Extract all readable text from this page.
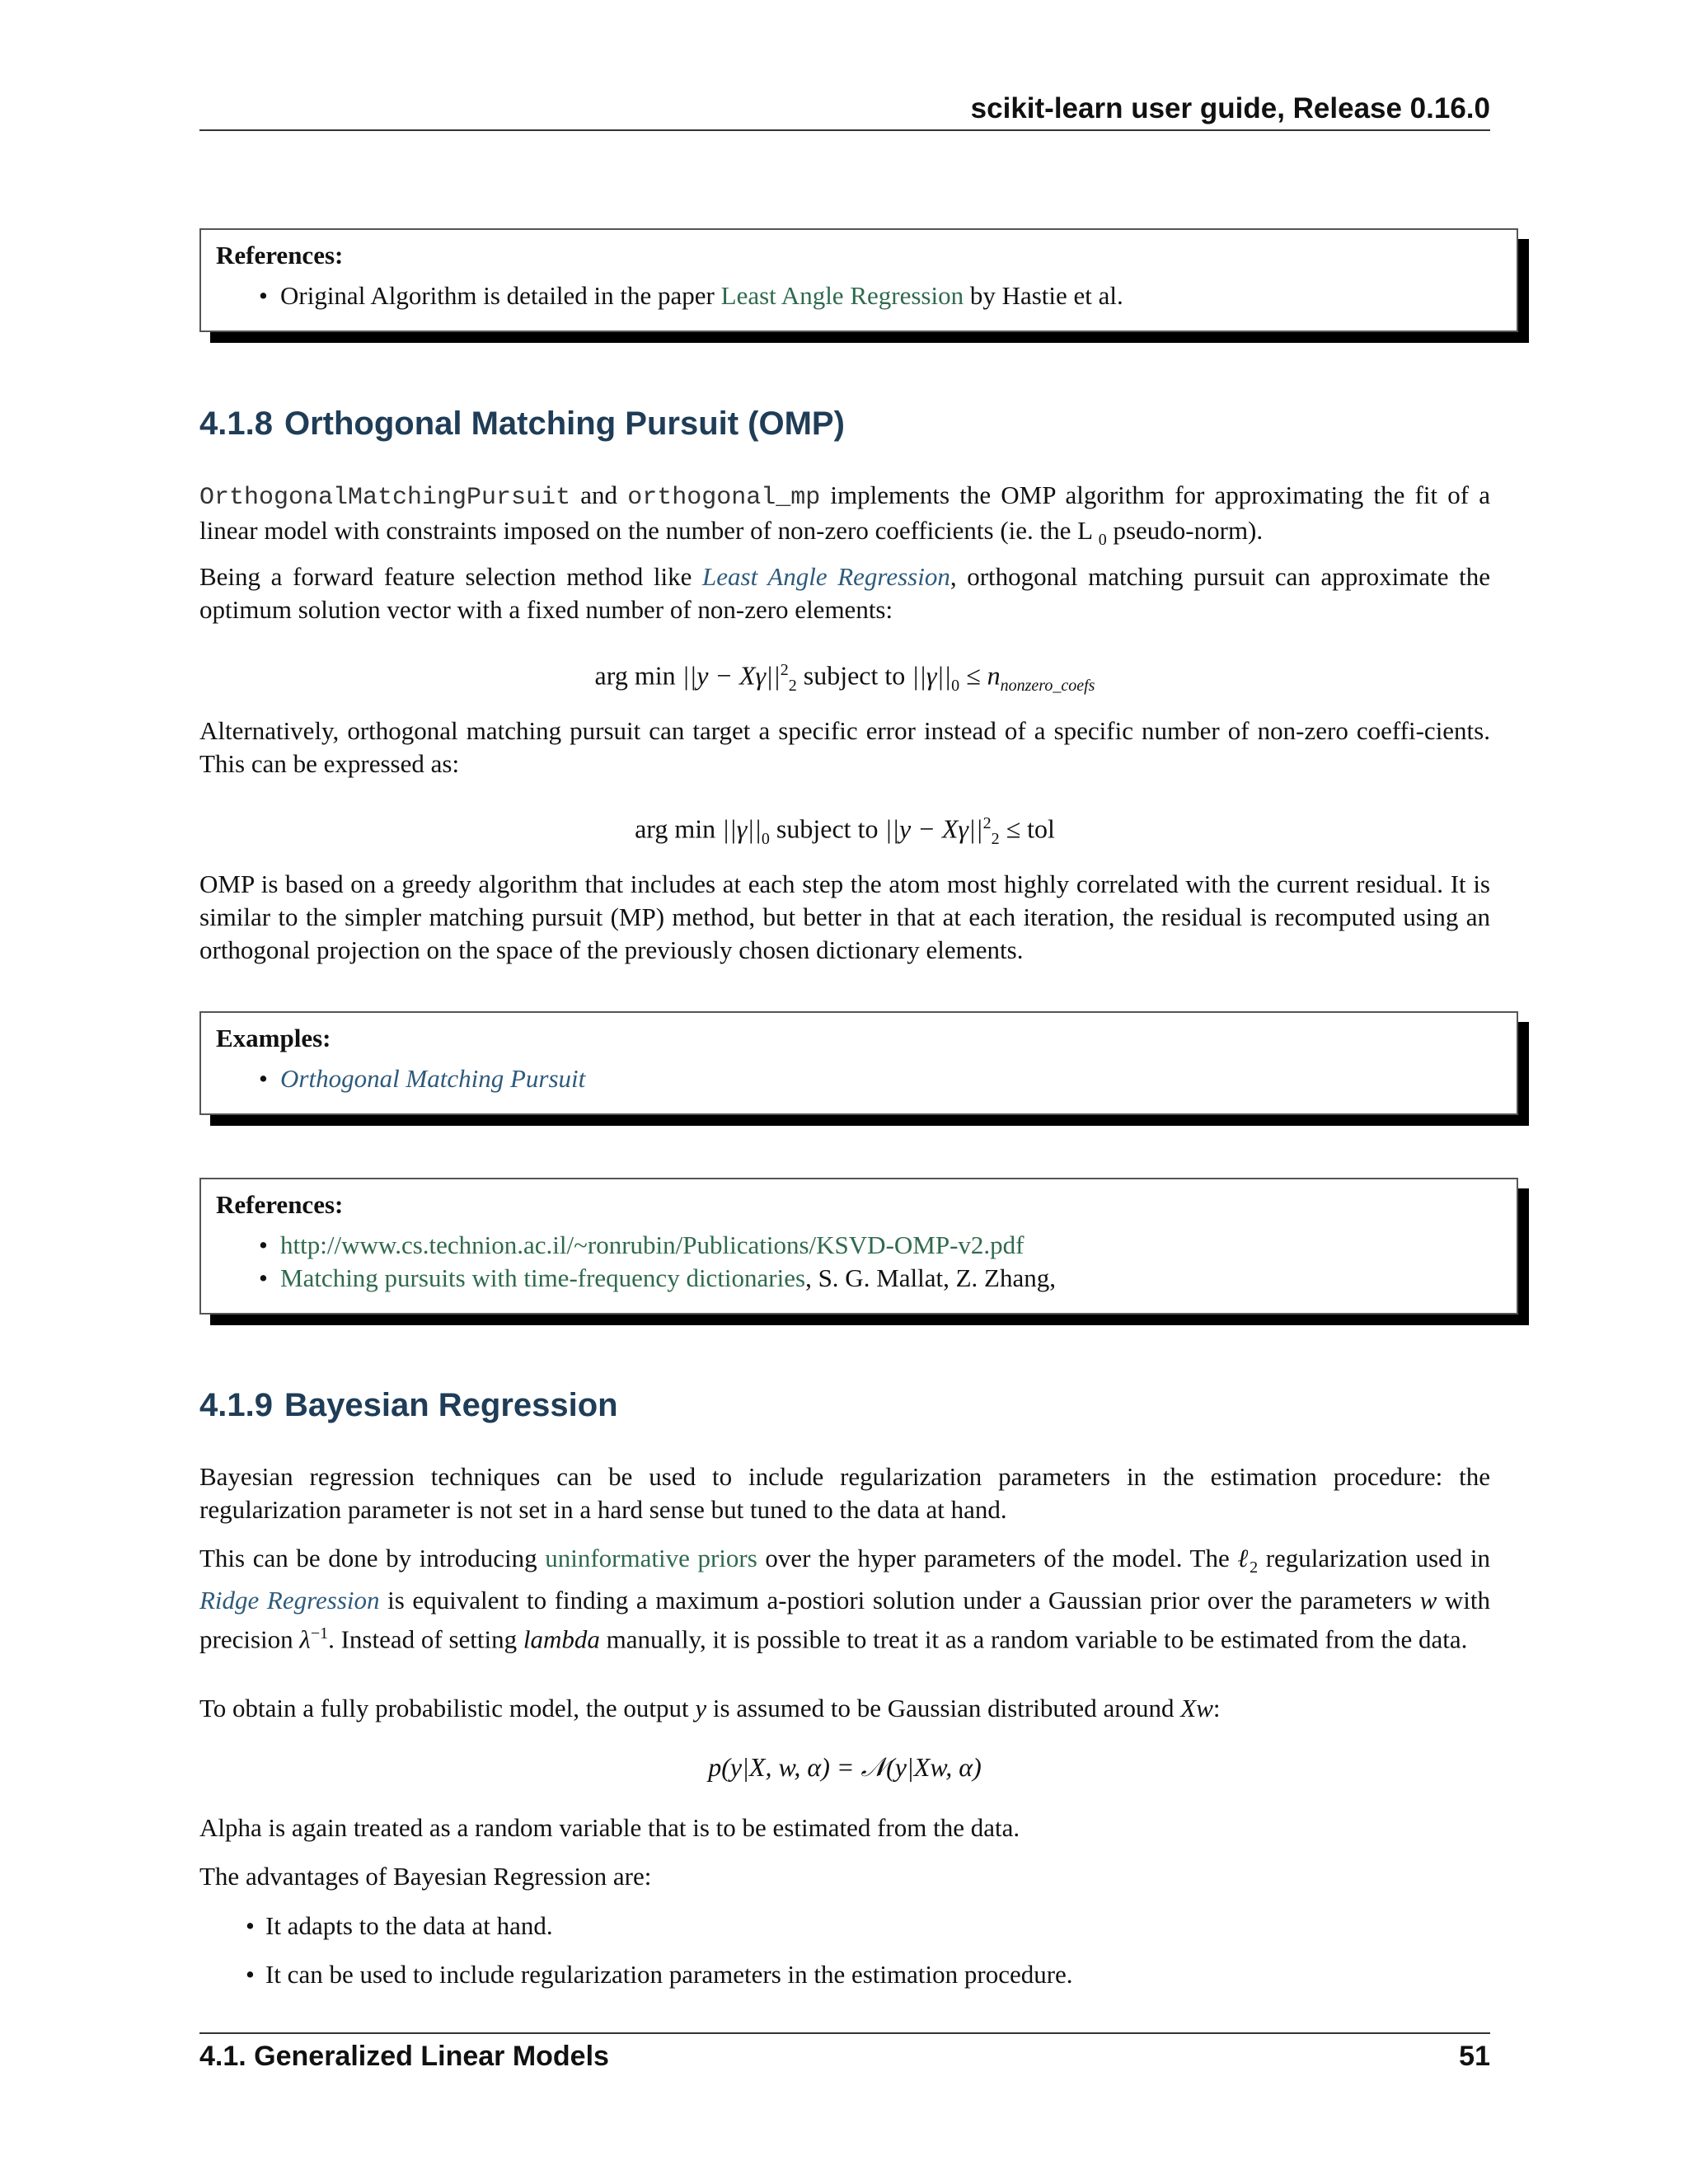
scikit-learn user guide, Release 0.16.0
References:
• Original Algorithm is detailed in the paper Least Angle Regression by Hastie et al.
4.1.8 Orthogonal Matching Pursuit (OMP)
OrthogonalMatchingPursuit and orthogonal_mp implements the OMP algorithm for approximating the fit of a linear model with constraints imposed on the number of non-zero coefficients (ie. the L $_0$ pseudo-norm).
Being a forward feature selection method like Least Angle Regression, orthogonal matching pursuit can approximate the optimum solution vector with a fixed number of non-zero elements:
arg $\min ||y - X\gamma||^2_2$ subject to $||\gamma||_0 \le n_{nonzero\_coefs}$
Alternatively, orthogonal matching pursuit can target a specific error instead of a specific number of non-zero coeffi-cients. This can be expressed as:
arg $\min ||\gamma||_0$ subject to $||y - X\gamma||^2_2$ ≤ tol
OMP is based on a greedy algorithm that includes at each step the atom most highly correlated with the current residual. It is similar to the simpler matching pursuit (MP) method, but better in that at each iteration, the residual is recomputed using an orthogonal projection on the space of the previously chosen dictionary elements.
Examples:
• Orthogonal Matching Pursuit
References:
• http://www.cs.technion.ac.il/~ronrubin/Publications/KSVD-OMP-v2.pdf
• Matching pursuits with time-frequency dictionaries, S. G. Mallat, Z. Zhang,
4.1.9 Bayesian Regression
Bayesian regression techniques can be used to include regularization parameters in the estimation procedure: the regularization parameter is not set in a hard sense but tuned to the data at hand.
This can be done by introducing uninformative priors over the hyper parameters of the model. The ℓ$_2$ regularization used in Ridge Regression is equivalent to finding a maximum a-postiori solution under a Gaussian prior over the parameters w with precision $\lambda^{-1}$. Instead of setting lambda manually, it is possible to treat it as a random variable to be estimated from the data.
To obtain a fully probabilistic model, the output y is assumed to be Gaussian distributed around Xw:
p(y|X, w, α) = 𝒩(y|Xw, α)
Alpha is again treated as a random variable that is to be estimated from the data.
The advantages of Bayesian Regression are:
• It adapts to the data at hand.
• It can be used to include regularization parameters in the estimation procedure.
4.1. Generalized Linear Models	51
